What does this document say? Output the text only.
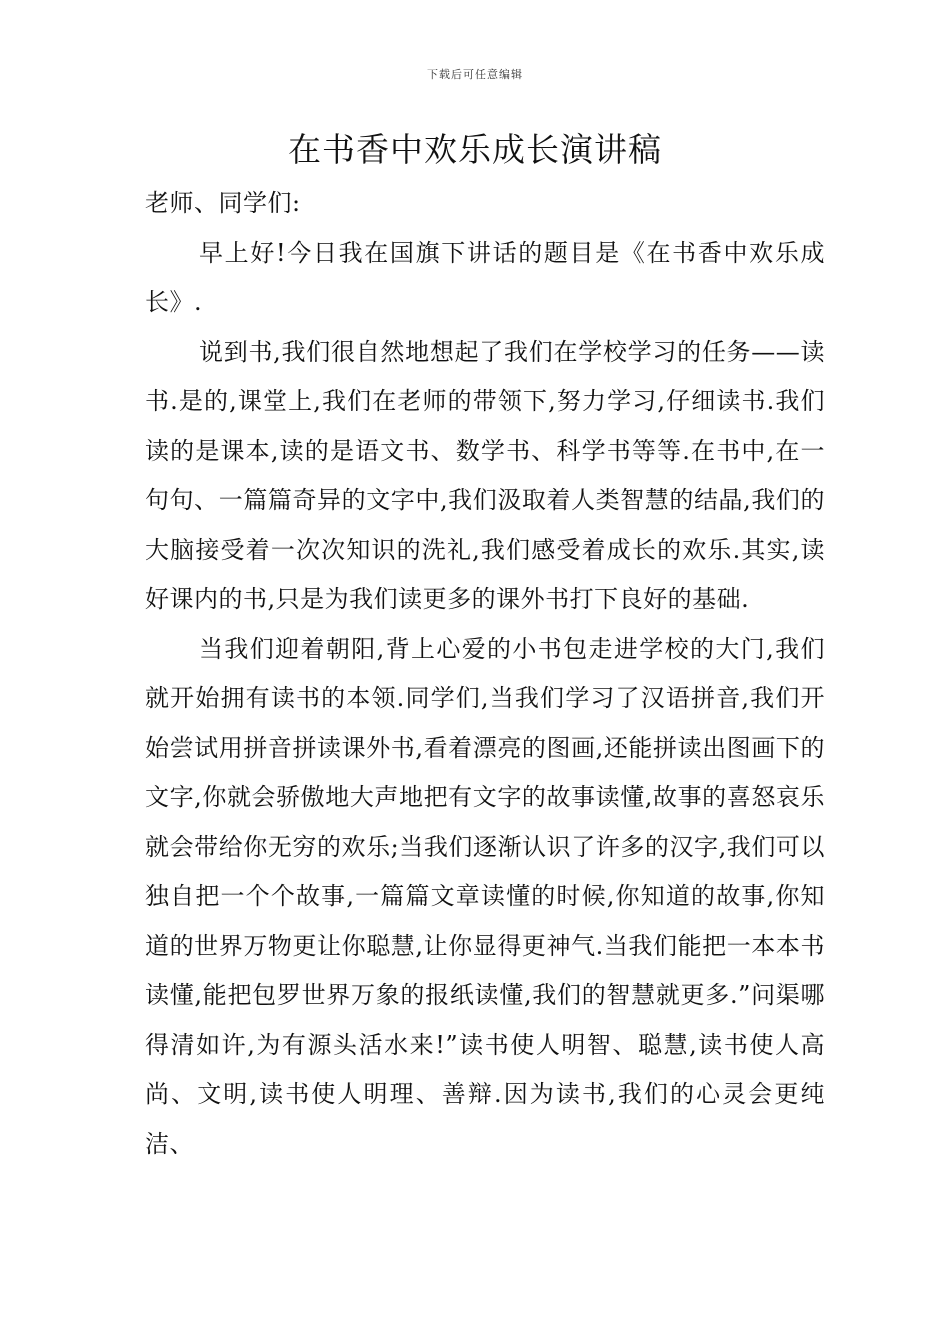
下载后可任意编辑
在书香中欢乐成长演讲稿

老师、同学们:

早上好!今日我在国旗下讲话的题目是《在书香中欢乐成长》.

说到书,我们很自然地想起了我们在学校学习的任务——读书.是的,课堂上,我们在老师的带领下,努力学习,仔细读书.我们读的是课本,读的是语文书、数学书、科学书等等.在书中,在一句句、一篇篇奇异的文字中,我们汲取着人类智慧的结晶,我们的大脑接受着一次次知识的洗礼,我们感受着成长的欢乐.其实,读好课内的书,只是为我们读更多的课外书打下良好的基础.

当我们迎着朝阳,背上心爱的小书包走进学校的大门,我们就开始拥有读书的本领.同学们,当我们学习了汉语拼音,我们开始尝试用拼音拼读课外书,看着漂亮的图画,还能拼读出图画下的文字,你就会骄傲地大声地把有文字的故事读懂,故事的喜怒哀乐就会带给你无穷的欢乐;当我们逐渐认识了许多的汉字,我们可以独自把一个个故事,一篇篇文章读懂的时候,你知道的故事,你知道的世界万物更让你聪慧,让你显得更神气.当我们能把一本本书读懂,能把包罗世界万象的报纸读懂,我们的智慧就更多.”问渠哪得清如许,为有源头活水来!”读书使人明智、聪慧,读书使人高尚、文明,读书使人明理、善辩.因为读书,我们的心灵会更纯洁、
